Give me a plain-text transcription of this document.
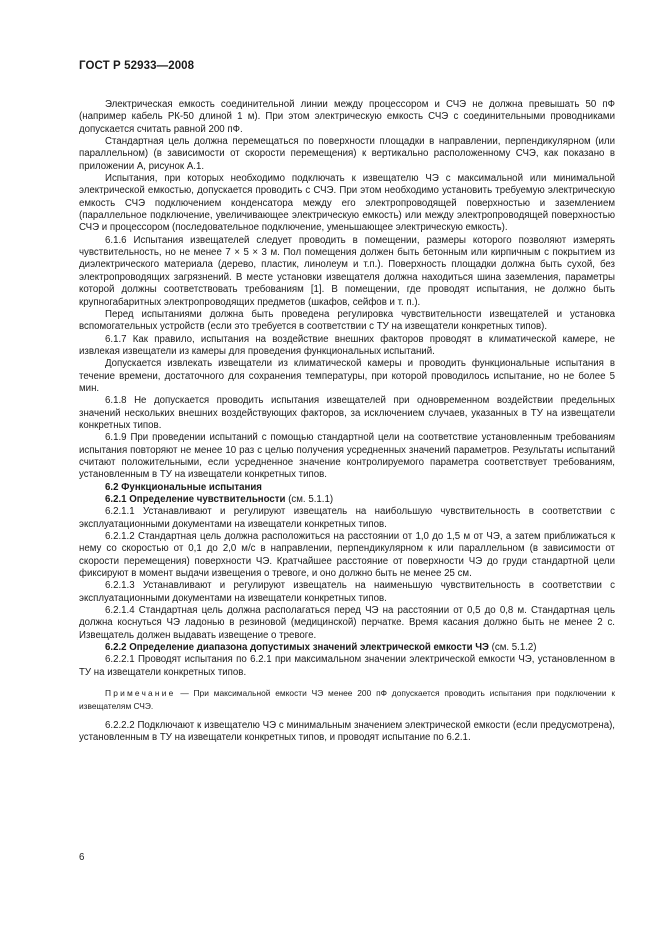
ГОСТ Р 52933—2008

Электрическая емкость соединительной линии между процессором и СЧЭ не должна превышать 50 пФ (например кабель РК-50 длиной 1 м). При этом электрическую емкость СЧЭ с соединительными проводниками допускается считать равной 200 пФ.

Стандартная цель должна перемещаться по поверхности площадки в направлении, перпендикулярном (или параллельном) (в зависимости от скорости перемещения) к вертикально расположенному СЧЭ, как показано в приложении А, рисунок А.1.

Испытания, при которых необходимо подключать к извещателю ЧЭ с максимальной или минимальной электрической емкостью, допускается проводить с СЧЭ. При этом необходимо установить требуемую электрическую емкость СЧЭ подключением конденсатора между его электропроводящей поверхностью и заземлением (параллельное подключение, увеличивающее электрическую емкость) или между электропроводящей поверхностью СЧЭ и процессором (последовательное подключение, уменьшающее электрическую емкость).

6.1.6 Испытания извещателей следует проводить в помещении, размеры которого позволяют измерять чувствительность, но не менее 7 × 5 × 3 м. Пол помещения должен быть бетонным или кирпичным с покрытием из диэлектрического материала (дерево, пластик, линолеум и т.п.). Поверхность площадки должна быть сухой, без электропроводящих загрязнений. В месте установки извещателя должна находиться шина заземления, параметры которой должны соответствовать требованиям [1]. В помещении, где проводят испытания, не должно быть крупногабаритных электропроводящих предметов (шкафов, сейфов и т. п.).

Перед испытаниями должна быть проведена регулировка чувствительности извещателей и установка вспомогательных устройств (если это требуется в соответствии с ТУ на извещатели конкретных типов).

6.1.7 Как правило, испытания на воздействие внешних факторов проводят в климатической камере, не извлекая извещатели из камеры для проведения функциональных испытаний.

Допускается извлекать извещатели из климатической камеры и проводить функциональные испытания в течение времени, достаточного для сохранения температуры, при которой проводилось испытание, но не более 5 мин.

6.1.8 Не допускается проводить испытания извещателей при одновременном воздействии предельных значений нескольких внешних воздействующих факторов, за исключением случаев, указанных в ТУ на извещатели конкретных типов.

6.1.9 При проведении испытаний с помощью стандартной цели на соответствие установленным требованиям испытания повторяют не менее 10 раз с целью получения усредненных значений параметров. Результаты испытаний считают положительными, если усредненное значение контролируемого параметра соответствует требованиям, установленным в ТУ на извещатели конкретных типов.

6.2 Функциональные испытания

6.2.1 Определение чувствительности (см. 5.1.1)

6.2.1.1 Устанавливают и регулируют извещатель на наибольшую чувствительность в соответствии с эксплуатационными документами на извещатели конкретных типов.

6.2.1.2 Стандартная цель должна расположиться на расстоянии от 1,0 до 1,5 м от ЧЭ, а затем приближаться к нему со скоростью от 0,1 до 2,0 м/с в направлении, перпендикулярном к или параллельном (в зависимости от скорости перемещения) поверхности ЧЭ. Кратчайшее расстояние от поверхности ЧЭ до груди стандартной цели фиксируют в момент выдачи извещения о тревоге, и оно должно быть не менее 25 см.

6.2.1.3 Устанавливают и регулируют извещатель на наименьшую чувствительность в соответствии с эксплуатационными документами на извещатели конкретных типов.

6.2.1.4 Стандартная цель должна располагаться перед ЧЭ на расстоянии от 0,5 до 0,8 м. Стандартная цель должна коснуться ЧЭ ладонью в резиновой (медицинской) перчатке. Время касания должно быть не менее 2 с. Извещатель должен выдавать извещение о тревоге.

6.2.2 Определение диапазона допустимых значений электрической емкости ЧЭ (см. 5.1.2)

6.2.2.1 Проводят испытания по 6.2.1 при максимальном значении электрической емкости ЧЭ, установленном в ТУ на извещатели конкретных типов.

Примечание — При максимальной емкости ЧЭ менее 200 пФ допускается проводить испытания при подключении к извещателям СЧЭ.

6.2.2.2 Подключают к извещателю ЧЭ с минимальным значением электрической емкости (если предусмотрена), установленным в ТУ на извещатели конкретных типов, и проводят испытание по 6.2.1.

6
